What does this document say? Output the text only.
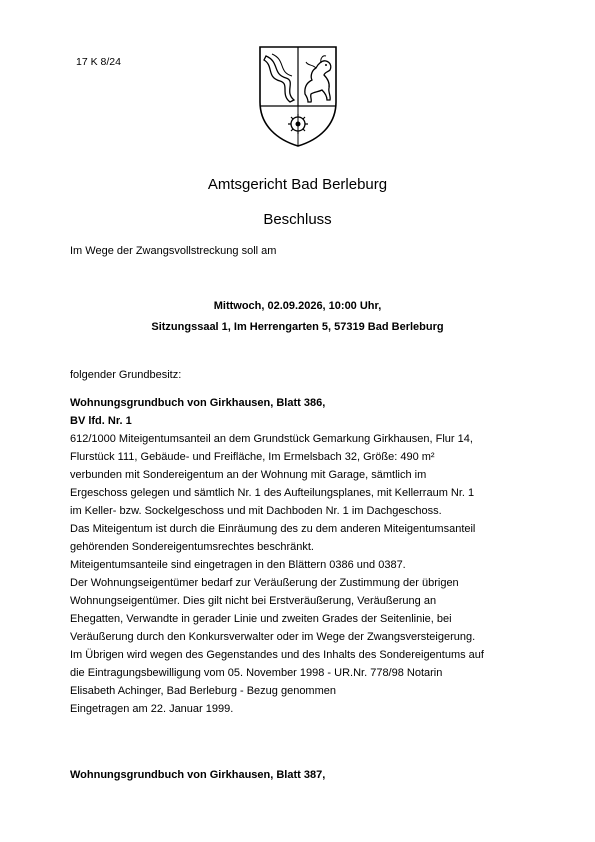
17 K 8/24
Amtsgericht Bad Berleburg
Beschluss
Im Wege der Zwangsvollstreckung soll am
Mittwoch, 02.09.2026, 10:00 Uhr,
Sitzungssaal 1, Im Herrengarten 5, 57319 Bad Berleburg
folgender Grundbesitz:
Wohnungsgrundbuch von Girkhausen, Blatt 386,
BV lfd. Nr. 1
612/1000 Miteigentumsanteil an dem Grundstück Gemarkung Girkhausen, Flur 14,
Flurstück 111, Gebäude- und Freifläche, Im Ermelsbach 32, Größe: 490 m²
verbunden mit Sondereigentum an der Wohnung mit Garage, sämtlich im
Ergeschoss gelegen und sämtlich Nr. 1 des Aufteilungsplanes, mit Kellerraum Nr. 1
im Keller- bzw. Sockelgeschoss und mit Dachboden Nr. 1 im Dachgeschoss.
Das Miteigentum ist durch die Einräumung des zu dem anderen Miteigentumsanteil
gehörenden Sondereigentumsrechtes beschränkt.
Miteigentumsanteile sind eingetragen in den Blättern 0386 und 0387.
Der Wohnungseigentümer bedarf zur Veräußerung der Zustimmung der übrigen
Wohnungseigentümer. Dies gilt nicht bei Erstveräußerung, Veräußerung an
Ehegatten, Verwandte in gerader Linie und zweiten Grades der Seitenlinie, bei
Veräußerung durch den Konkursverwalter oder im Wege der Zwangsversteigerung.
Im Übrigen wird wegen des Gegenstandes und des Inhalts des Sondereigentums auf
die Eintragungsbewilligung vom 05. November 1998 - UR.Nr. 778/98 Notarin
Elisabeth Achinger, Bad Berleburg - Bezug genommen
Eingetragen am 22. Januar 1999.
Wohnungsgrundbuch von Girkhausen, Blatt 387,
